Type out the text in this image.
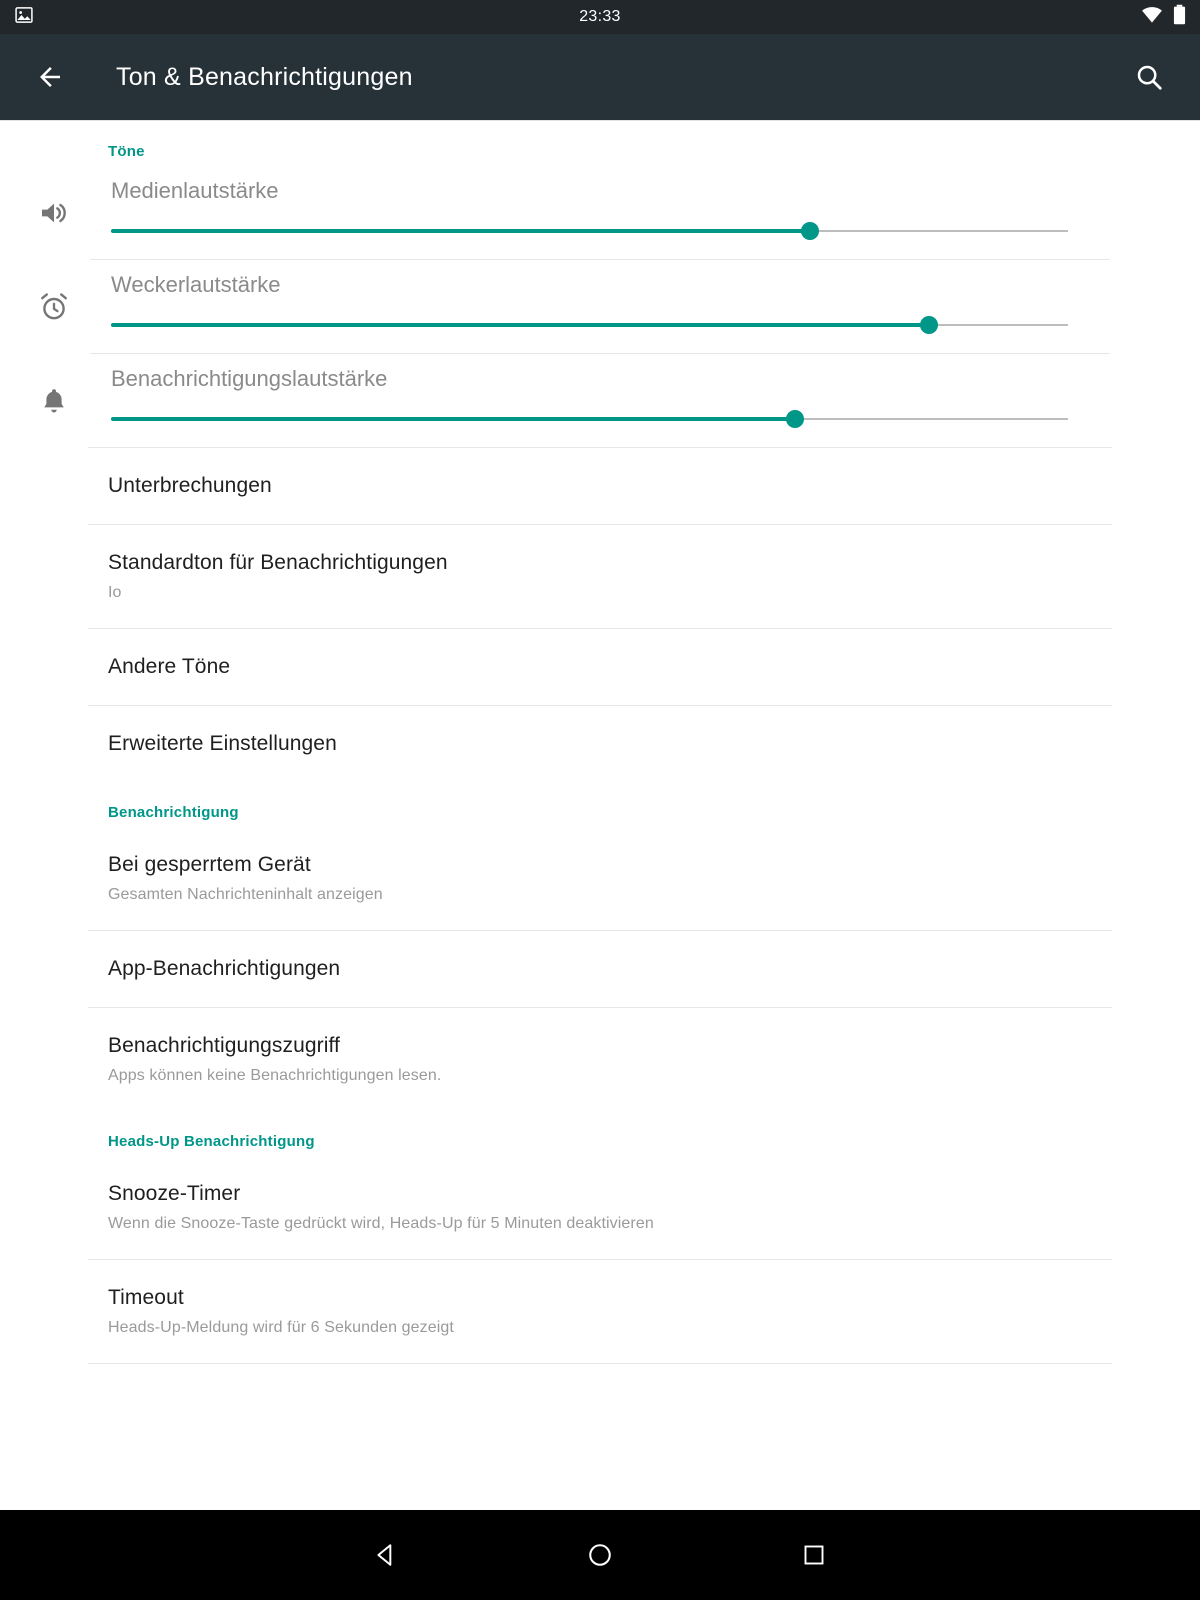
23:33
Ton & Benachrichtigungen
Töne
Medienlautstärke
Weckerlautstärke
Benachrichtigungslautstärke
Unterbrechungen
Standardton für Benachrichtigungen
Io
Andere Töne
Erweiterte Einstellungen
Benachrichtigung
Bei gesperrtem Gerät
Gesamten Nachrichteninhalt anzeigen
App-Benachrichtigungen
Benachrichtigungszugriff
Apps können keine Benachrichtigungen lesen.
Heads-Up Benachrichtigung
Snooze-Timer
Wenn die Snooze-Taste gedrückt wird, Heads-Up für 5 Minuten deaktivieren
Timeout
Heads-Up-Meldung wird für 6 Sekunden gezeigt
